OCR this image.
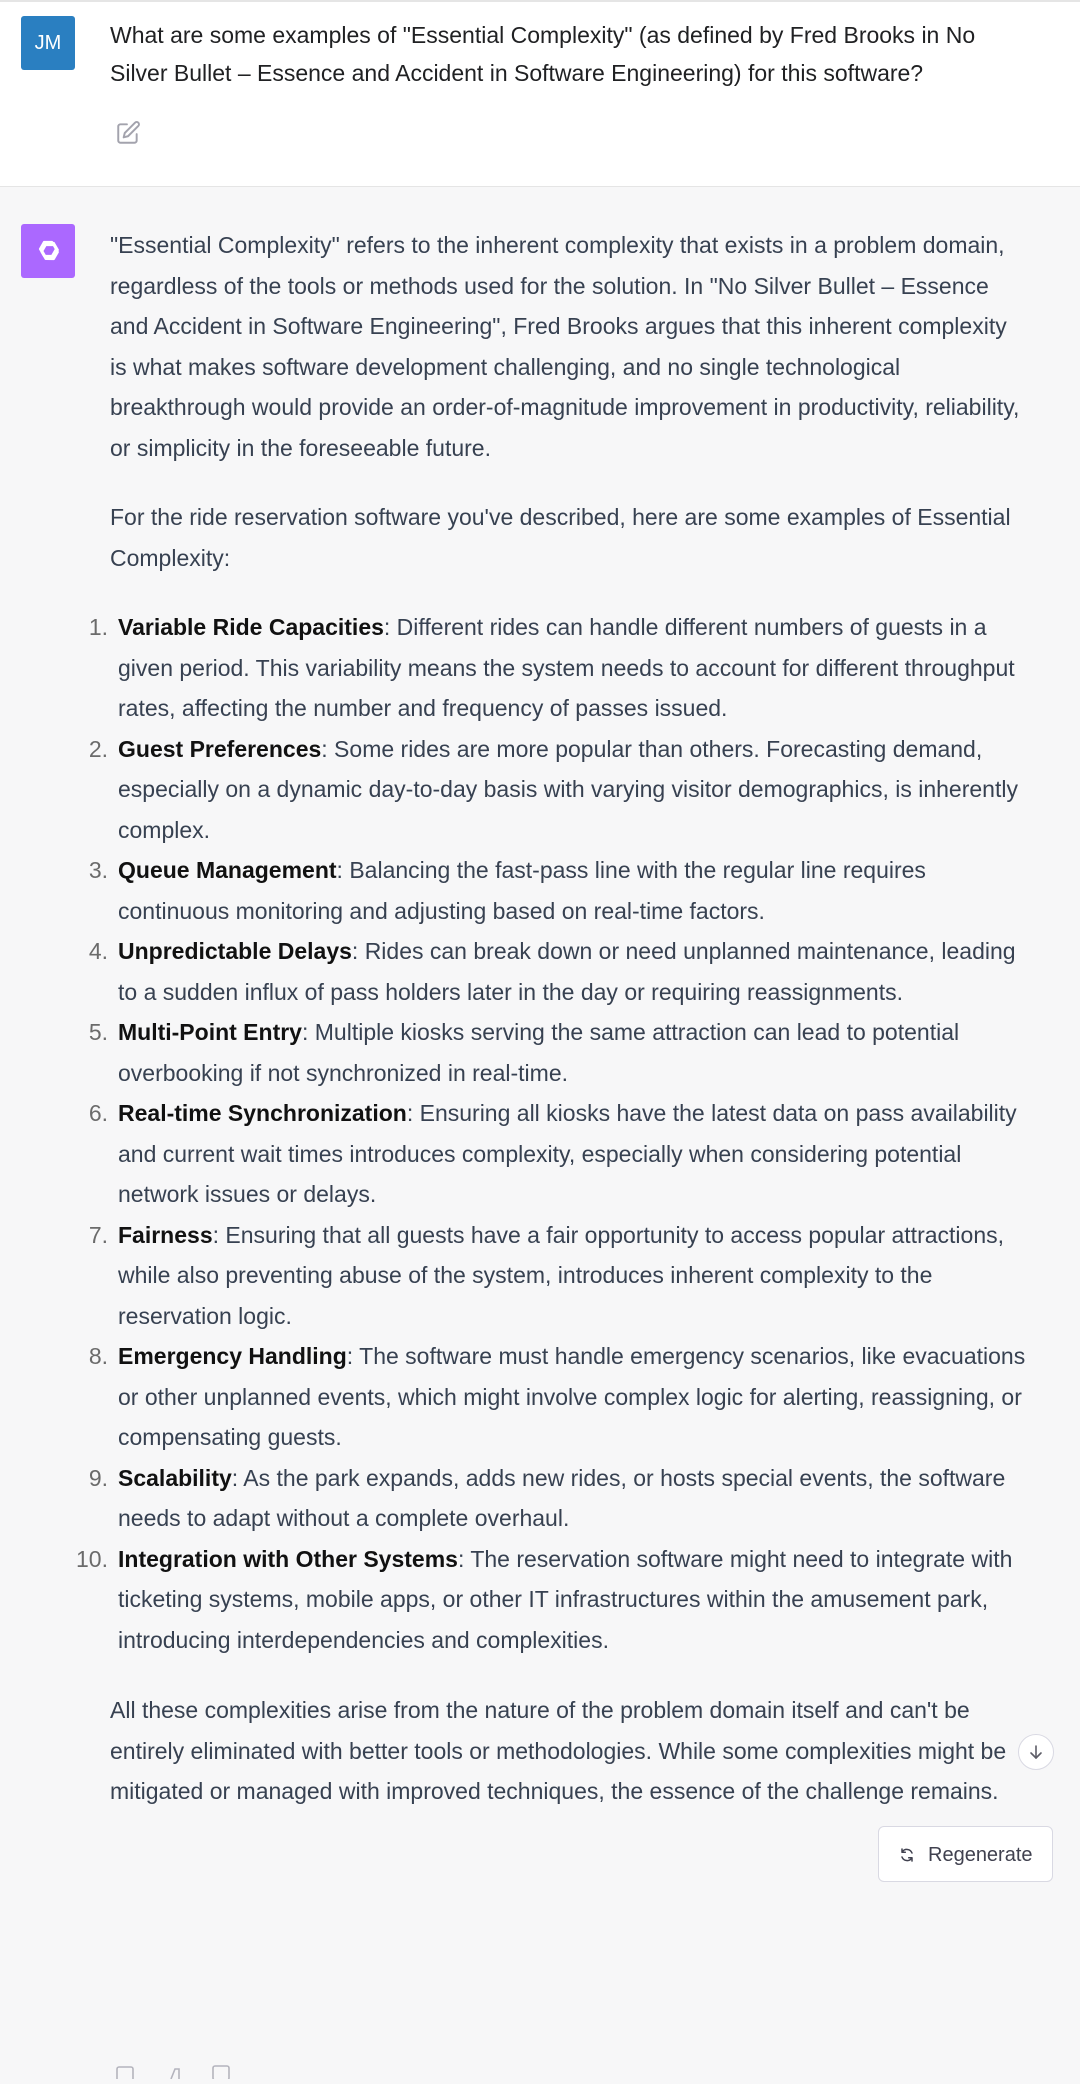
JM	What are some examples of "Essential Complexity" (as defined by Fred Brooks in No Silver Bullet – Essence and Accident in Software Engineering) for this software?

"Essential Complexity" refers to the inherent complexity that exists in a problem domain, regardless of the tools or methods used for the solution. In "No Silver Bullet – Essence and Accident in Software Engineering", Fred Brooks argues that this inherent complexity is what makes software development challenging, and no single technological breakthrough would provide an order-of-magnitude improvement in productivity, reliability, or simplicity in the foreseeable future.

For the ride reservation software you've described, here are some examples of Essential Complexity:

1. Variable Ride Capacities: Different rides can handle different numbers of guests in a given period. This variability means the system needs to account for different throughput rates, affecting the number and frequency of passes issued.
2. Guest Preferences: Some rides are more popular than others. Forecasting demand, especially on a dynamic day-to-day basis with varying visitor demographics, is inherently complex.
3. Queue Management: Balancing the fast-pass line with the regular line requires continuous monitoring and adjusting based on real-time factors.
4. Unpredictable Delays: Rides can break down or need unplanned maintenance, leading to a sudden influx of pass holders later in the day or requiring reassignments.
5. Multi-Point Entry: Multiple kiosks serving the same attraction can lead to potential overbooking if not synchronized in real-time.
6. Real-time Synchronization: Ensuring all kiosks have the latest data on pass availability and current wait times introduces complexity, especially when considering potential network issues or delays.
7. Fairness: Ensuring that all guests have a fair opportunity to access popular attractions, while also preventing abuse of the system, introduces inherent complexity to the reservation logic.
8. Emergency Handling: The software must handle emergency scenarios, like evacuations or other unplanned events, which might involve complex logic for alerting, reassigning, or compensating guests.
9. Scalability: As the park expands, adds new rides, or hosts special events, the software needs to adapt without a complete overhaul.
10. Integration with Other Systems: The reservation software might need to integrate with ticketing systems, mobile apps, or other IT infrastructures within the amusement park, introducing interdependencies and complexities.

All these complexities arise from the nature of the problem domain itself and can't be entirely eliminated with better tools or methodologies. While some complexities might be mitigated or managed with improved techniques, the essence of the challenge remains.

Regenerate
